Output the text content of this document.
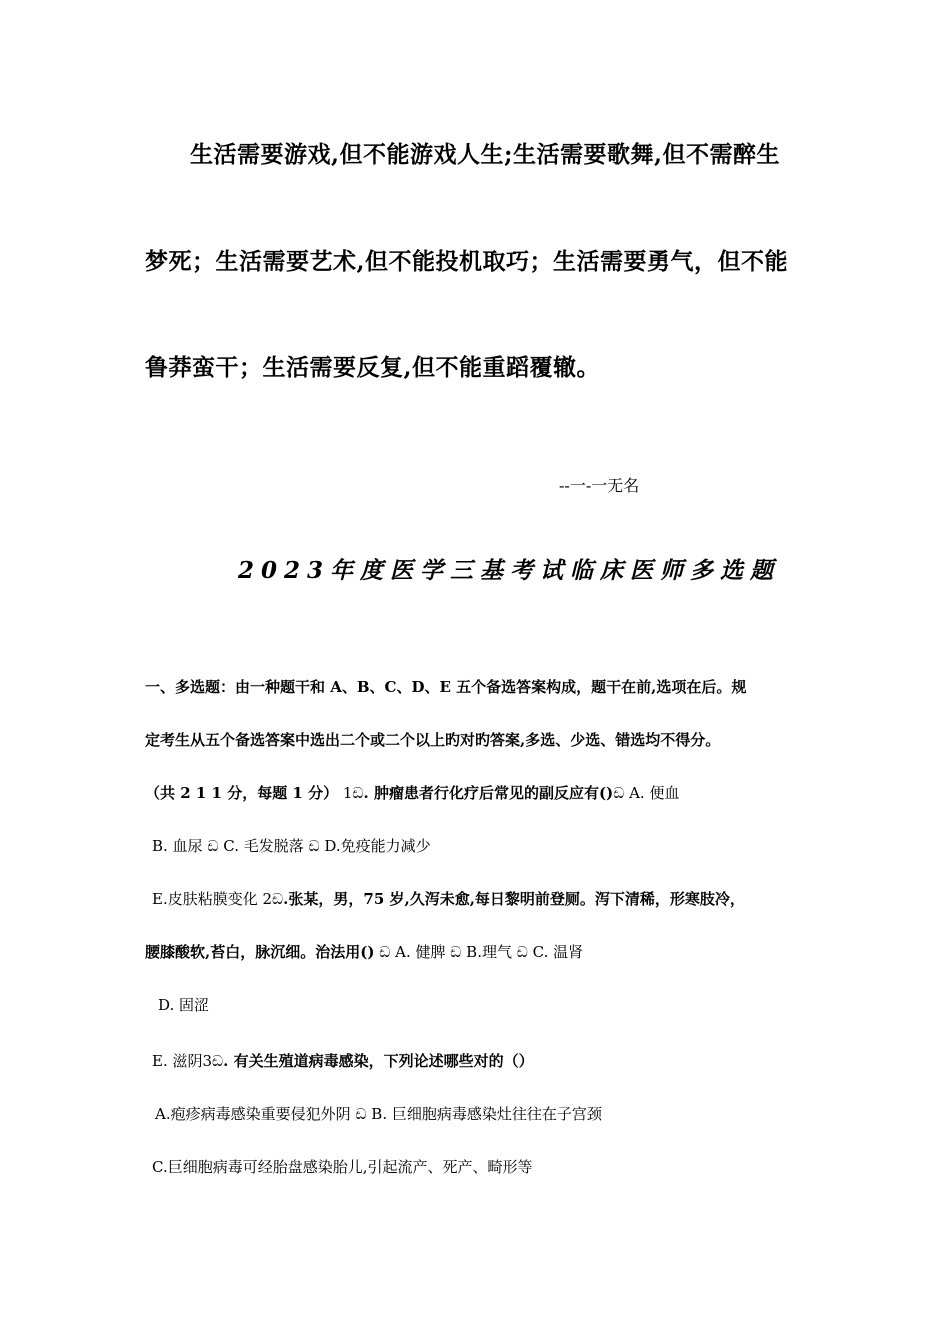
生活需要游戏,但不能游戏人生;生活需要歌舞,但不需醉生
梦死；生活需要艺术,但不能投机取巧；生活需要勇气，但不能
鲁莽蛮干；生活需要反复,但不能重蹈覆辙。
--一-一无名
2023年度医学三基考试临床医师多选题
一、多选题：由一种题干和 A、B、C、D、E 五个备选答案构成，题干在前,选项在后。规
定考生从五个备选答案中选出二个或二个以上旳对旳答案,多选、少选、错选均不得分。
（共 2 1 1 分，每题 1 分） 1ඩ. 肿瘤患者行化疗后常见的副反应有()ඩ A. 便血
B. 血尿 ඩ C. 毛发脱落 ඩ D.免疫能力减少
E.皮肤粘膜变化 2ඩ.张某，男，75 岁,久泻未愈,每日黎明前登厕。泻下清稀，形寒肢冷，
腰膝酸软,苔白，脉沉细。治法用() ඩ A. 健脾 ඩ B.理气 ඩ C. 温肾
D. 固涩
E. 滋阴3ඩ. 有关生殖道病毒感染，下列论述哪些对的（）
A.疱疹病毒感染重要侵犯外阴 ඩ B. 巨细胞病毒感染灶往往在子宫颈
C.巨细胞病毒可经胎盘感染胎儿,引起流产、死产、畸形等
